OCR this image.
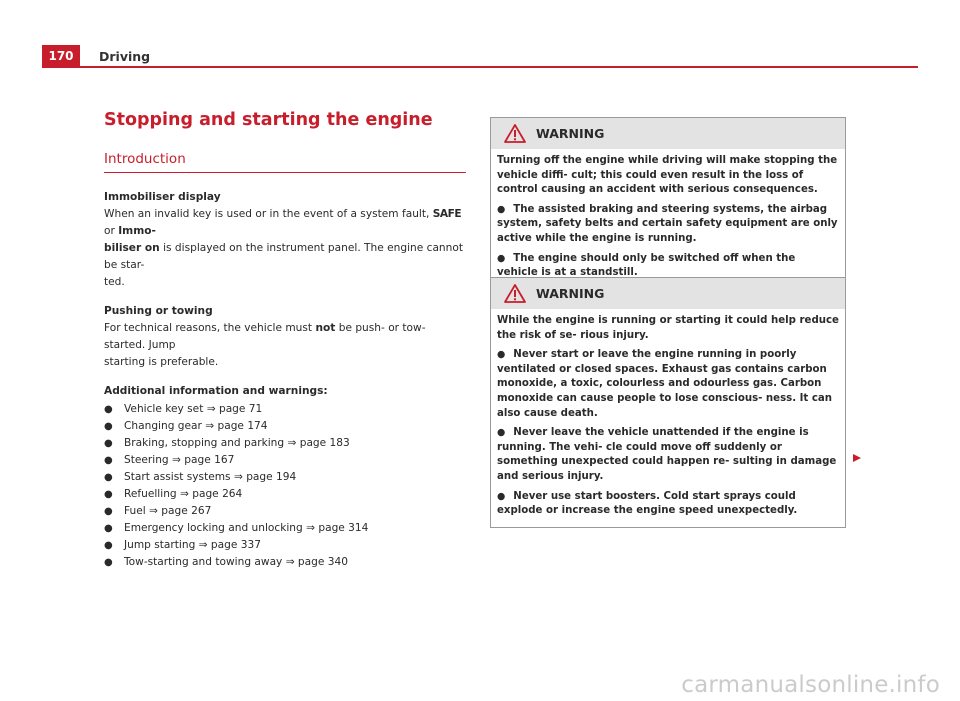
170	Driving
Stopping and starting the engine
Introduction
Immobiliser display
When an invalid key is used or in the event of a system fault, SAFE or Immo-
biliser on is displayed on the instrument panel. The engine cannot be star-
ted.
Pushing or towing
For technical reasons, the vehicle must not be push- or tow-started. Jump
starting is preferable.
Additional information and warnings:
● Vehicle key set ⇒ page 71
● Changing gear ⇒ page 174
● Braking, stopping and parking ⇒ page 183
● Steering ⇒ page 167
● Start assist systems ⇒ page 194
● Refuelling ⇒ page 264
● Fuel ⇒ page 267
● Emergency locking and unlocking ⇒ page 314
● Jump starting ⇒ page 337
● Tow-starting and towing away ⇒ page 340
WARNING

Turning off the engine while driving will make stopping the vehicle diffi- cult; this could even result in the loss of control causing an accident with serious consequences.

● The assisted braking and steering systems, the airbag system, safety belts and certain safety equipment are only active while the engine is running.

● The engine should only be switched off when the vehicle is at a standstill.

WARNING

While the engine is running or starting it could help reduce the risk of se- rious injury.

● Never start or leave the engine running in poorly ventilated or closed spaces. Exhaust gas contains carbon monoxide, a toxic, colourless and odourless gas. Carbon monoxide can cause people to lose conscious- ness. It can also cause death.

● Never leave the vehicle unattended if the engine is running. The vehi- cle could move off suddenly or something unexpected could happen re- sulting in damage and serious injury.

● Never use start boosters. Cold start sprays could explode or increase the engine speed unexpectedly.

carmanualsonline.info
